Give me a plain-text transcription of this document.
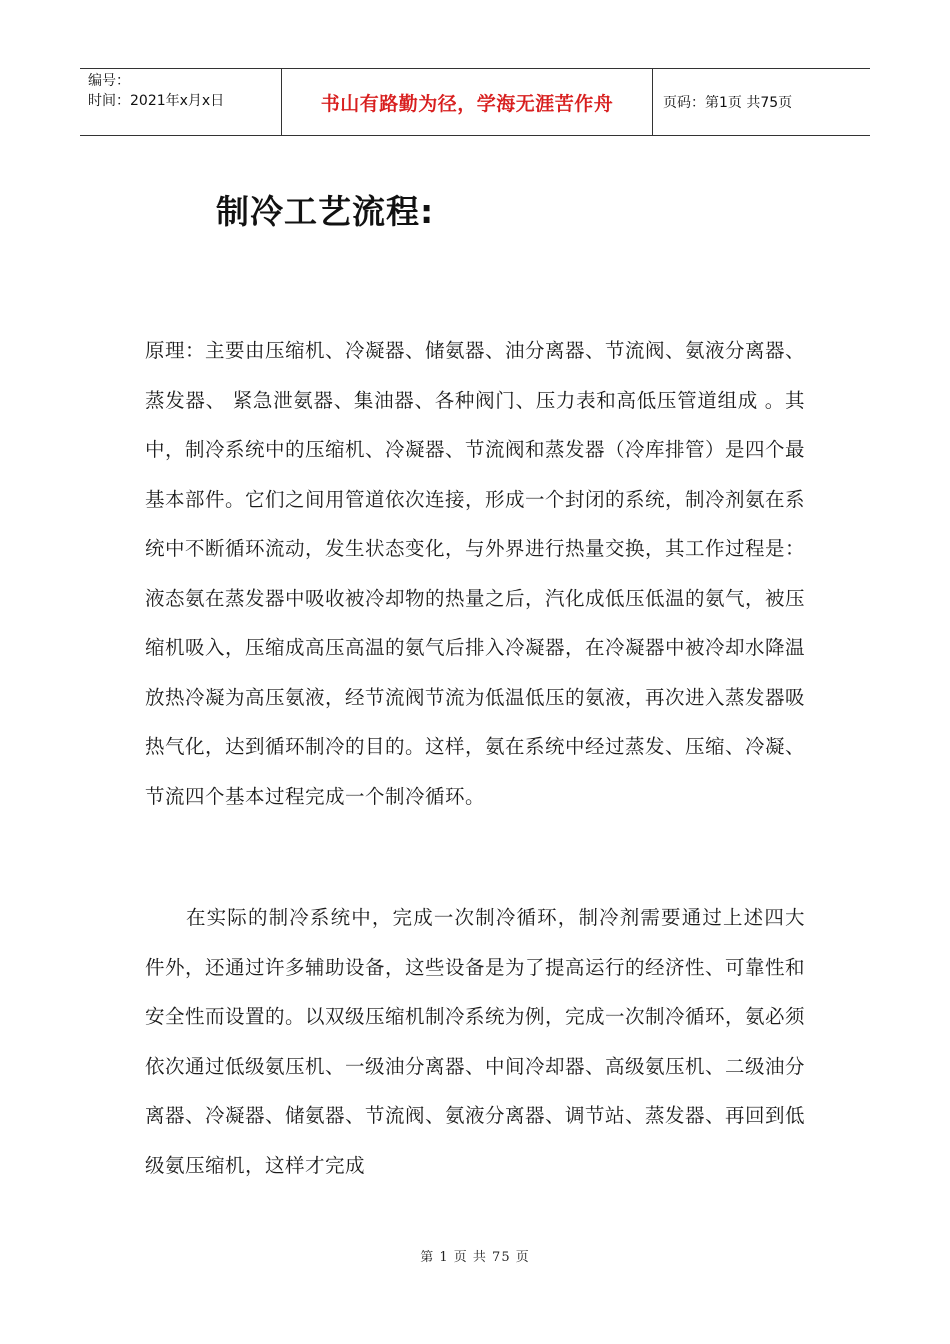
编号：
时间：2021年x月x日	书山有路勤为径，学海无涯苦作舟	页码：第1页 共75页
制冷工艺流程:
原理：主要由压缩机、冷凝器、储氨器、油分离器、节流阀、氨液分离器、蒸发器、 紧急泄氨器、集油器、各种阀门、压力表和高低压管道组成 。其中，制冷系统中的压缩机、冷凝器、节流阀和蒸发器（冷库排管）是四个最基本部件。它们之间用管道依次连接，形成一个封闭的系统，制冷剂氨在系统中不断循环流动，发生状态变化，与外界进行热量交换，其工作过程是：液态氨在蒸发器中吸收被冷却物的热量之后，汽化成低压低温的氨气，被压缩机吸入，压缩成高压高温的氨气后排入冷凝器，在冷凝器中被冷却水降温放热冷凝为高压氨液，经节流阀节流为低温低压的氨液，再次进入蒸发器吸热气化，达到循环制冷的目的。这样，氨在系统中经过蒸发、压缩、冷凝、节流四个基本过程完成一个制冷循环。
在实际的制冷系统中，完成一次制冷循环，制冷剂需要通过上述四大件外，还通过许多辅助设备，这些设备是为了提高运行的经济性、可靠性和安全性而设置的。以双级压缩机制冷系统为例，完成一次制冷循环，氨必须依次通过低级氨压机、一级油分离器、中间冷却器、高级氨压机、二级油分离器、冷凝器、储氨器、节流阀、氨液分离器、调节站、蒸发器、再回到低级氨压缩机，这样才完成
第 1 页 共 75 页
